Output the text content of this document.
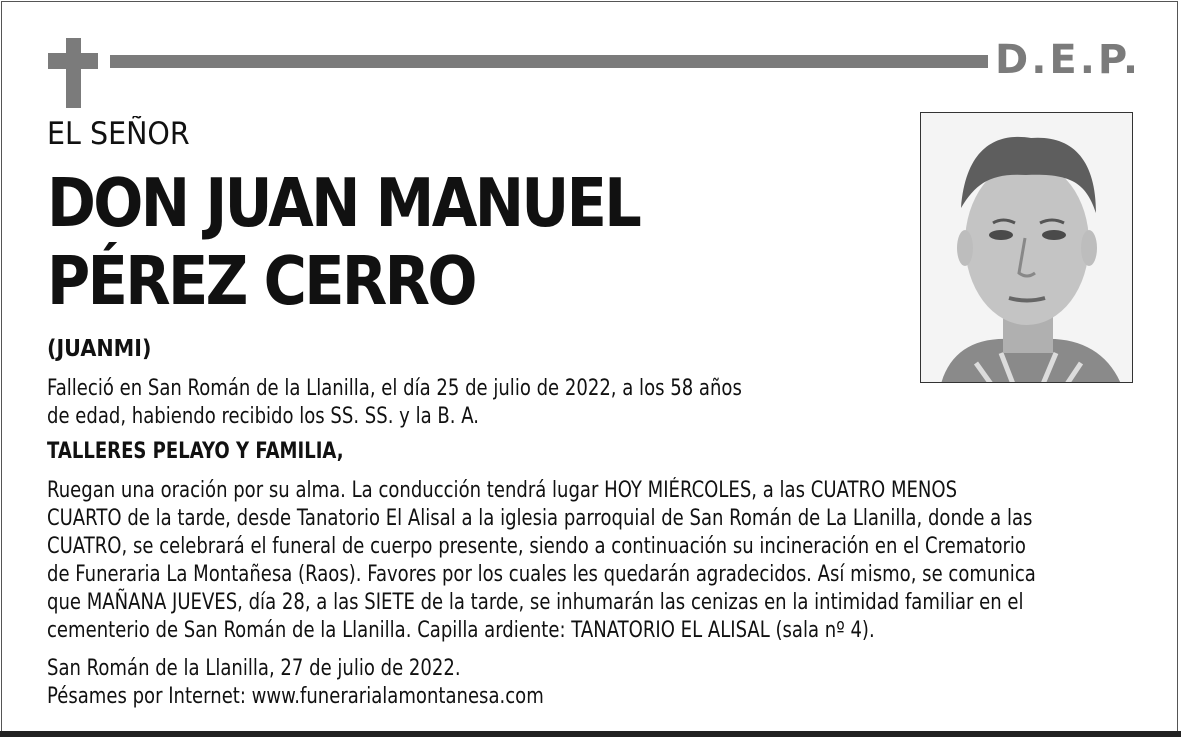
D.E.P.
EL SEÑOR
DON JUAN MANUEL
PÉREZ CERRO
(JUANMI)
Falleció en San Román de la Llanilla, el día 25 de julio de 2022, a los 58 años
de edad, habiendo recibido los SS. SS. y la B. A.
TALLERES PELAYO Y FAMILIA,
Ruegan una oración por su alma. La conducción tendrá lugar HOY MIÉRCOLES, a las CUATRO MENOS
CUARTO de la tarde, desde Tanatorio El Alisal a la iglesia parroquial de San Román de La Llanilla, donde a las
CUATRO, se celebrará el funeral de cuerpo presente, siendo a continuación su incineración en el Crematorio
de Funeraria La Montañesa (Raos). Favores por los cuales les quedarán agradecidos. Así mismo, se comunica
que MAÑANA JUEVES, día 28, a las SIETE de la tarde, se inhumarán las cenizas en la intimidad familiar en el
cementerio de San Román de la Llanilla. Capilla ardiente: TANATORIO EL ALISAL (sala nº 4).
San Román de la Llanilla, 27 de julio de 2022.
Pésames por Internet: www.funerarialamontanesa.com
